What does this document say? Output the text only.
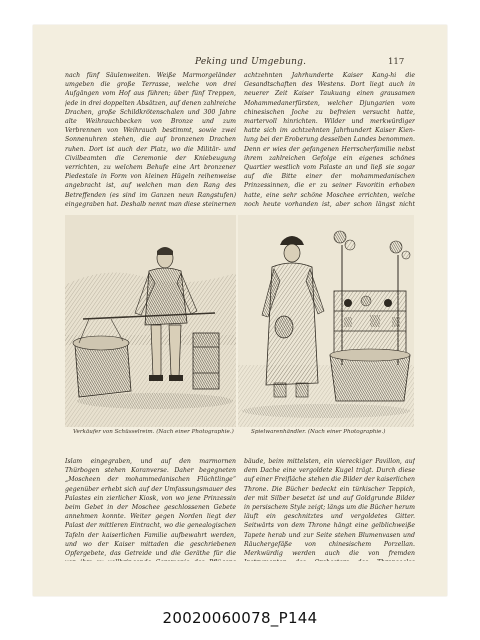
Peking und Umgebung.	117
nach fünf Säulenweiten. Weiße Marmorgeländer umgeben die große Terrasse, welche von drei Aufgängen vom Hof aus führen; über fünf Treppen, jede in drei doppelten Absätzen, auf denen zahlreiche Drachen, große Schildkrötenschalen und 300 Jahre alte Weihrauchbecken von Bronze und zum Verbrennen von Weihrauch bestimmt, sowie zwei Sonnenuhren stehen, die auf bronzenen Drachen ruhen. Dort ist auch der Platz, wo die Militär- und Civilbeamten die Ceremonie der Kniebeugung verrichten, zu welchem Behufe eine Art bronzener Piedestale in Form von kleinen Hügeln reihenweise angebracht ist, auf welchen man den Rang des Betreffenden (es sind im Ganzen neun Rangstufen) eingegraben hat. Deshalb nennt man diese steinernen
achtzehnten Jahrhunderte Kaiser Kang-hi die Gesandtschaften des Westens. Dort liegt auch in neuerer Zeit Kaiser Taukuang einen grausamen Mohammedanerfürsten, welcher Djungarien vom chinesischen Joche zu befreien versucht hatte, martervoll hinrichten. Wilder und merkwürdiger hatte sich im achtzehnten Jahrhundert Kaiser Kien-lung bei der Eroberung desselben Landes benommen. Denn er wies der gefangenen Herrscherfamilie nebst ihrem zahlreichen Gefolge ein eigenes schönes Quartier westlich vom Palaste an und ließ sie sogar auf die Bitte einer der mohammedanischen Prinzessinnen, die er zu seiner Favoritin erhoben hatte, eine sehr schöne Moschee errichten, welche noch heute vorhanden ist, aber schon längst nicht
Verkäufer von Schüsselreim. (Nach einer Photographie.)	Spielwarenhändler. (Nach einer Photographie.)
Islam eingegraben, und auf den marmornen Thürbogen stehen Koranverse. Daher begegneten „Moscheen der mohammedanischen Flüchtlinge“ gegenüber erhebt sich auf der Umfassungsmauer des Palastes ein zierlicher Kiosk, von wo jene Prinzessin beim Gebet in der Moschee geschlossenen Gebete annehmen konnte. Weiter gegen Norden liegt der Palast der mittleren Eintracht, wo die genealogischen Tafeln der kaiserlichen Familie aufbewahrt werden, und wo der Kaiser mittaden die geschriebenen Opfergebete, das Getreide und die Geräthe für die
bäude, beim mittelsten, ein viereckiger Pavillon, auf dem Dache eine vergoldete Kugel trägt. Durch diese auf einer Freifläche stehen die Bilder der kaiserlichen Throne. Die Bücher bedeckt ein türkischer Teppich, der mit Silber besetzt ist und auf Goldgrunde Bilder in persischem Style zeigt; längs um die Bücher herum läuft ein geschnitztes und vergoldetes Gitter. Seitwärts von dem Throne hängt eine gelblichweiße Tapete herab und zur Seite stehen Blumenvasen und Räuchergefäße von chinesischem Porzellan. Merkwürdig werden auch die von fremden
20020060078_P144
